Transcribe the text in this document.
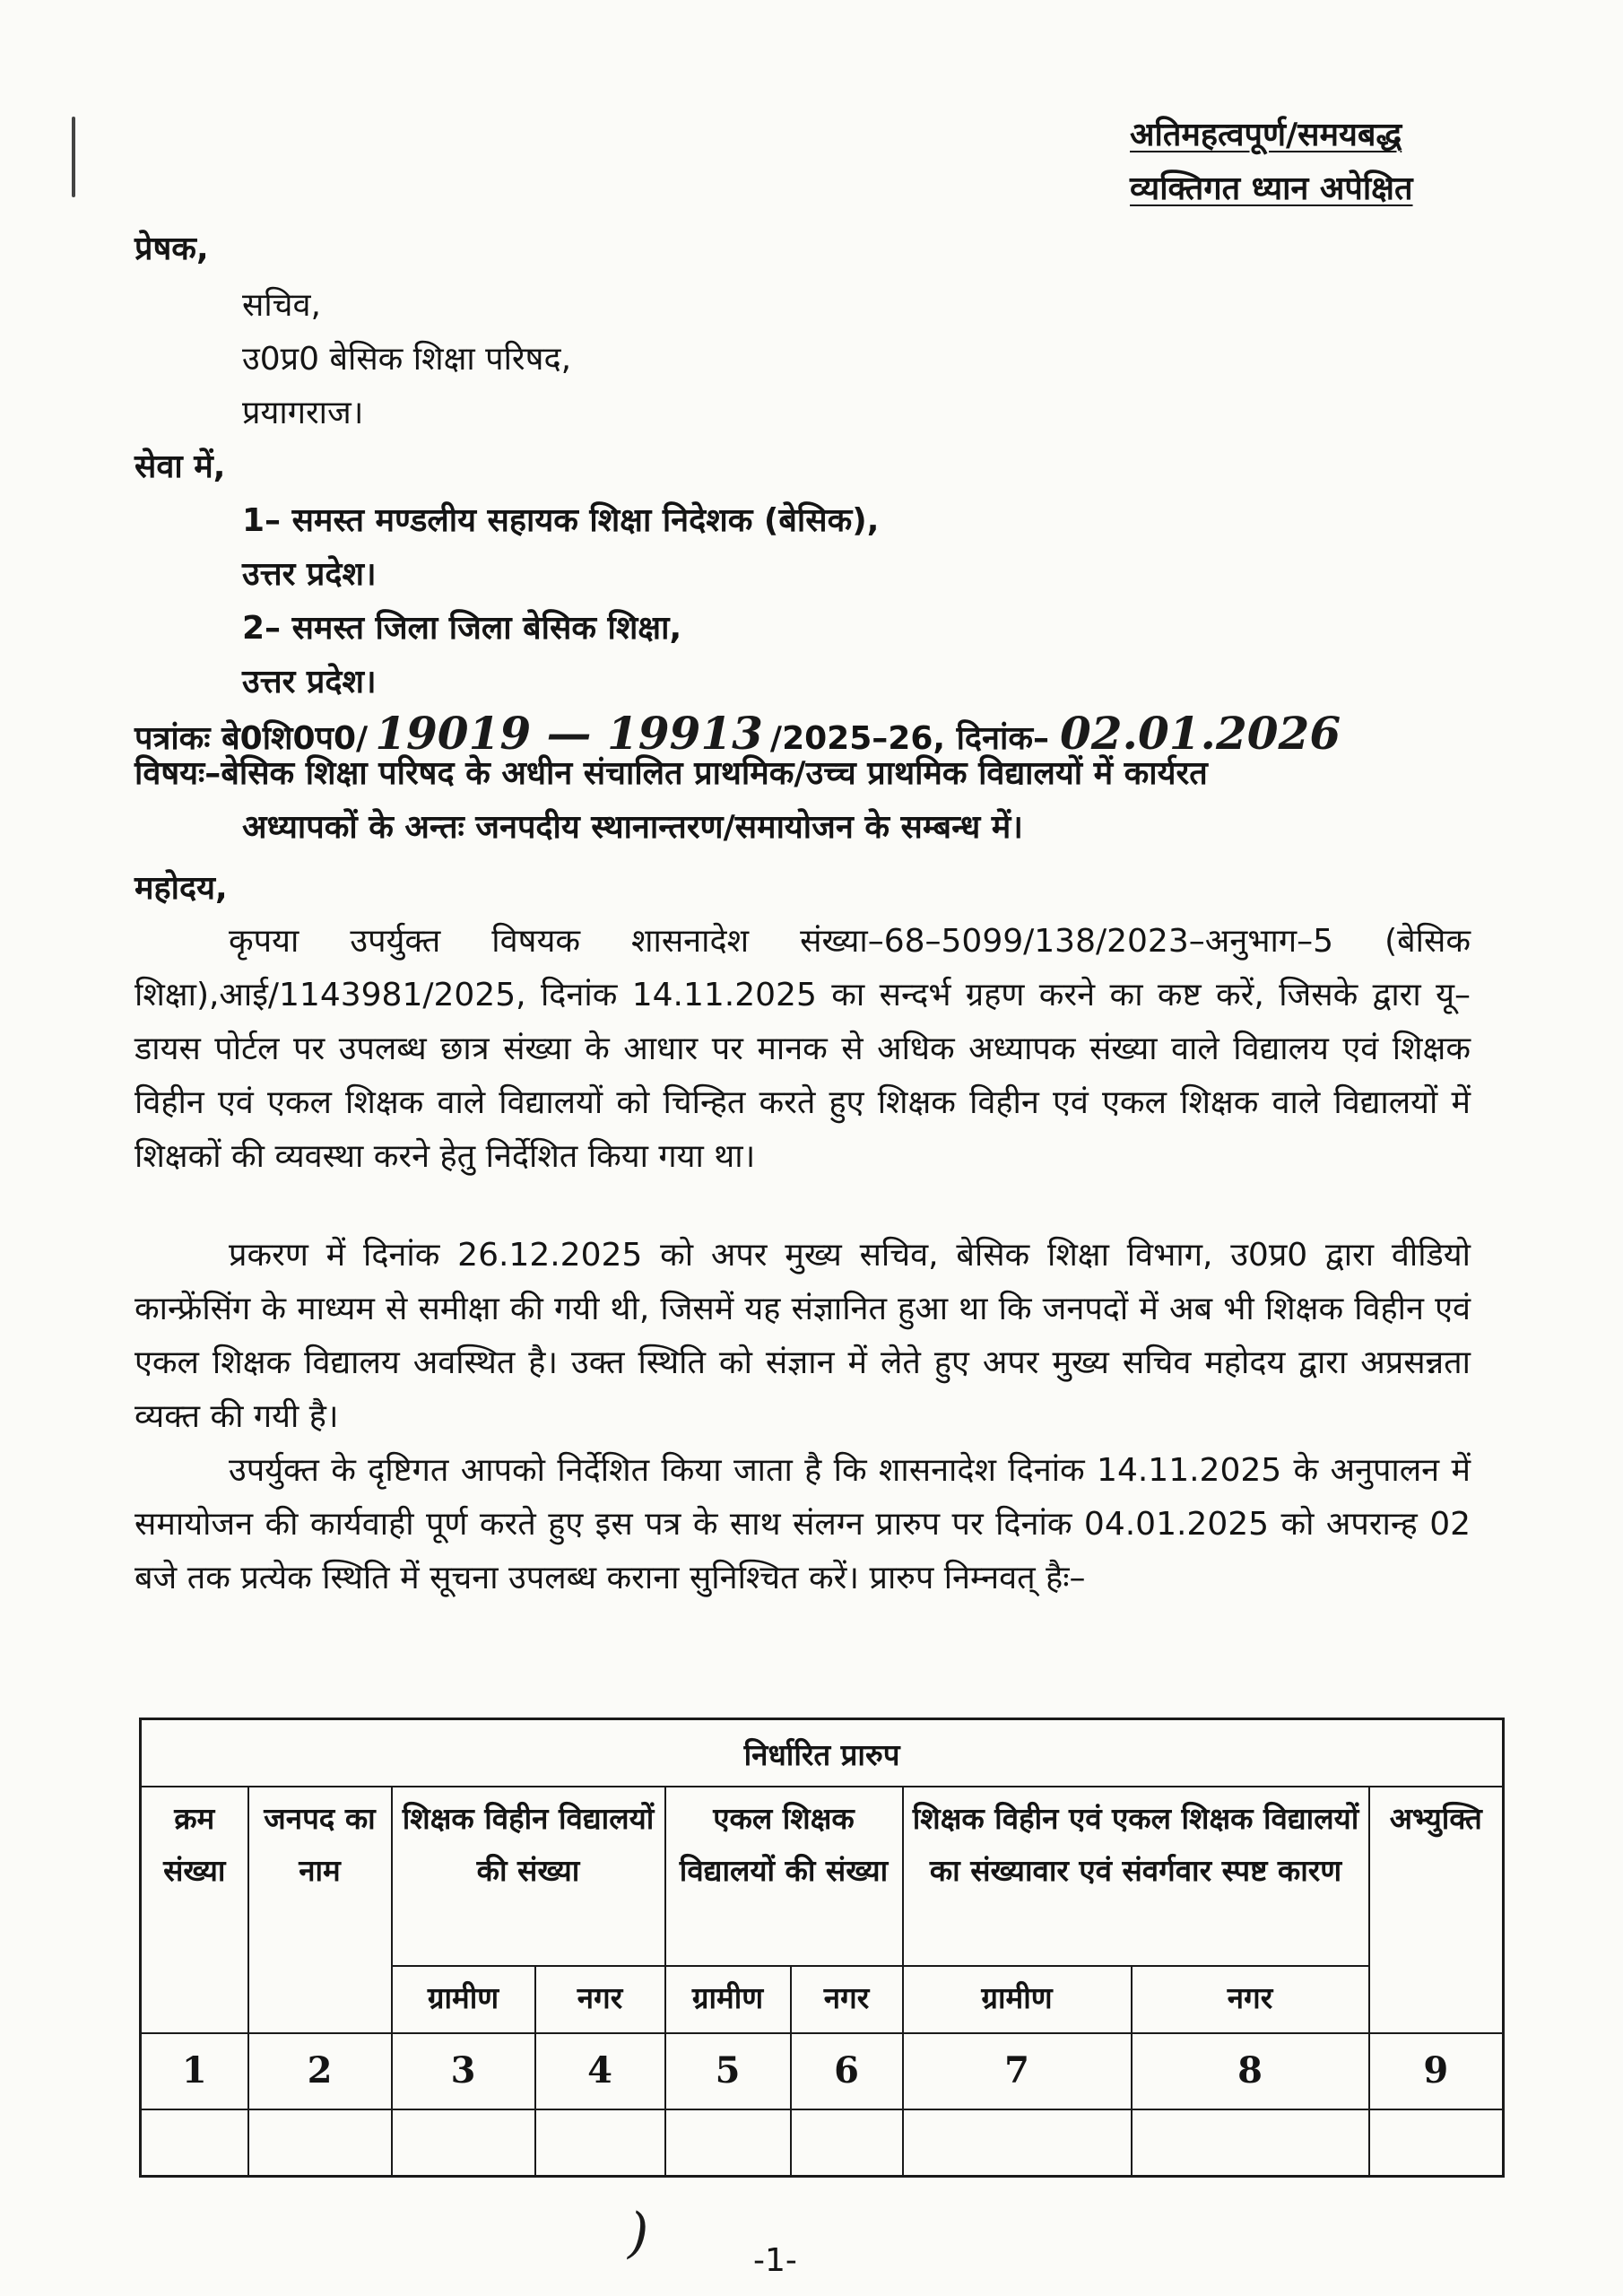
अतिमहत्वपूर्ण/समयबद्ध
व्यक्तिगत ध्यान अपेक्षित
प्रेषक,
सचिव,
उ0प्र0 बेसिक शिक्षा परिषद,
प्रयागराज।
सेवा में,
1– समस्त मण्डलीय सहायक शिक्षा निदेशक (बेसिक),
उत्तर प्रदेश।
2– समस्त जिला जिला बेसिक शिक्षा,
उत्तर प्रदेश।
पत्रांकः बे0शि0प0/ 19019 — 19913 /2025–26, दिनांक– 02.01.2026
विषयः–बेसिक शिक्षा परिषद के अधीन संचालित प्राथमिक/उच्च प्राथमिक विद्यालयों में कार्यरत
अध्यापकों के अन्तः जनपदीय स्थानान्तरण/समायोजन के सम्बन्ध में।
महोदय,
कृपया उपर्युक्त विषयक शासनादेश संख्या–68–5099/138/2023–अनुभाग–5 (बेसिक शिक्षा),आई/1143981/2025, दिनांक 14.11.2025 का सन्दर्भ ग्रहण करने का कष्ट करें, जिसके द्वारा यू–डायस पोर्टल पर उपलब्ध छात्र संख्या के आधार पर मानक से अधिक अध्यापक संख्या वाले विद्यालय एवं शिक्षक विहीन एवं एकल शिक्षक वाले विद्यालयों को चिन्हित करते हुए शिक्षक विहीन एवं एकल शिक्षक वाले विद्यालयों में शिक्षकों की व्यवस्था करने हेतु निर्देशित किया गया था।
प्रकरण में दिनांक 26.12.2025 को अपर मुख्य सचिव, बेसिक शिक्षा विभाग, उ0प्र0 द्वारा वीडियो कान्फ्रेंसिंग के माध्यम से समीक्षा की गयी थी, जिसमें यह संज्ञानित हुआ था कि जनपदों में अब भी शिक्षक विहीन एवं एकल शिक्षक विद्यालय अवस्थित है। उक्त स्थिति को संज्ञान में लेते हुए अपर मुख्य सचिव महोदय द्वारा अप्रसन्नता व्यक्त की गयी है।
उपर्युक्त के दृष्टिगत आपको निर्देशित किया जाता है कि शासनादेश दिनांक 14.11.2025 के अनुपालन में समायोजन की कार्यवाही पूर्ण करते हुए इस पत्र के साथ संलग्न प्रारुप पर दिनांक 04.01.2025 को अपरान्ह 02 बजे तक प्रत्येक स्थिति में सूचना उपलब्ध कराना सुनिश्चित करें। प्रारुप निम्नवत् हैः–
निर्धारित प्रारुप								
क्रम संख्या	जनपद का नाम	शिक्षक विहीन विद्यालयों की संख्या		एकल शिक्षक विद्यालयों की संख्या		शिक्षक विहीन एवं एकल शिक्षक विद्यालयों का संख्यावार एवं संवर्गवार स्पष्ट कारण		अभ्युक्ति
		ग्रामीण	नगर	ग्रामीण	नगर	ग्रामीण	नगर	
1	2	3	4	5	6	7	8	9

)	-1-
